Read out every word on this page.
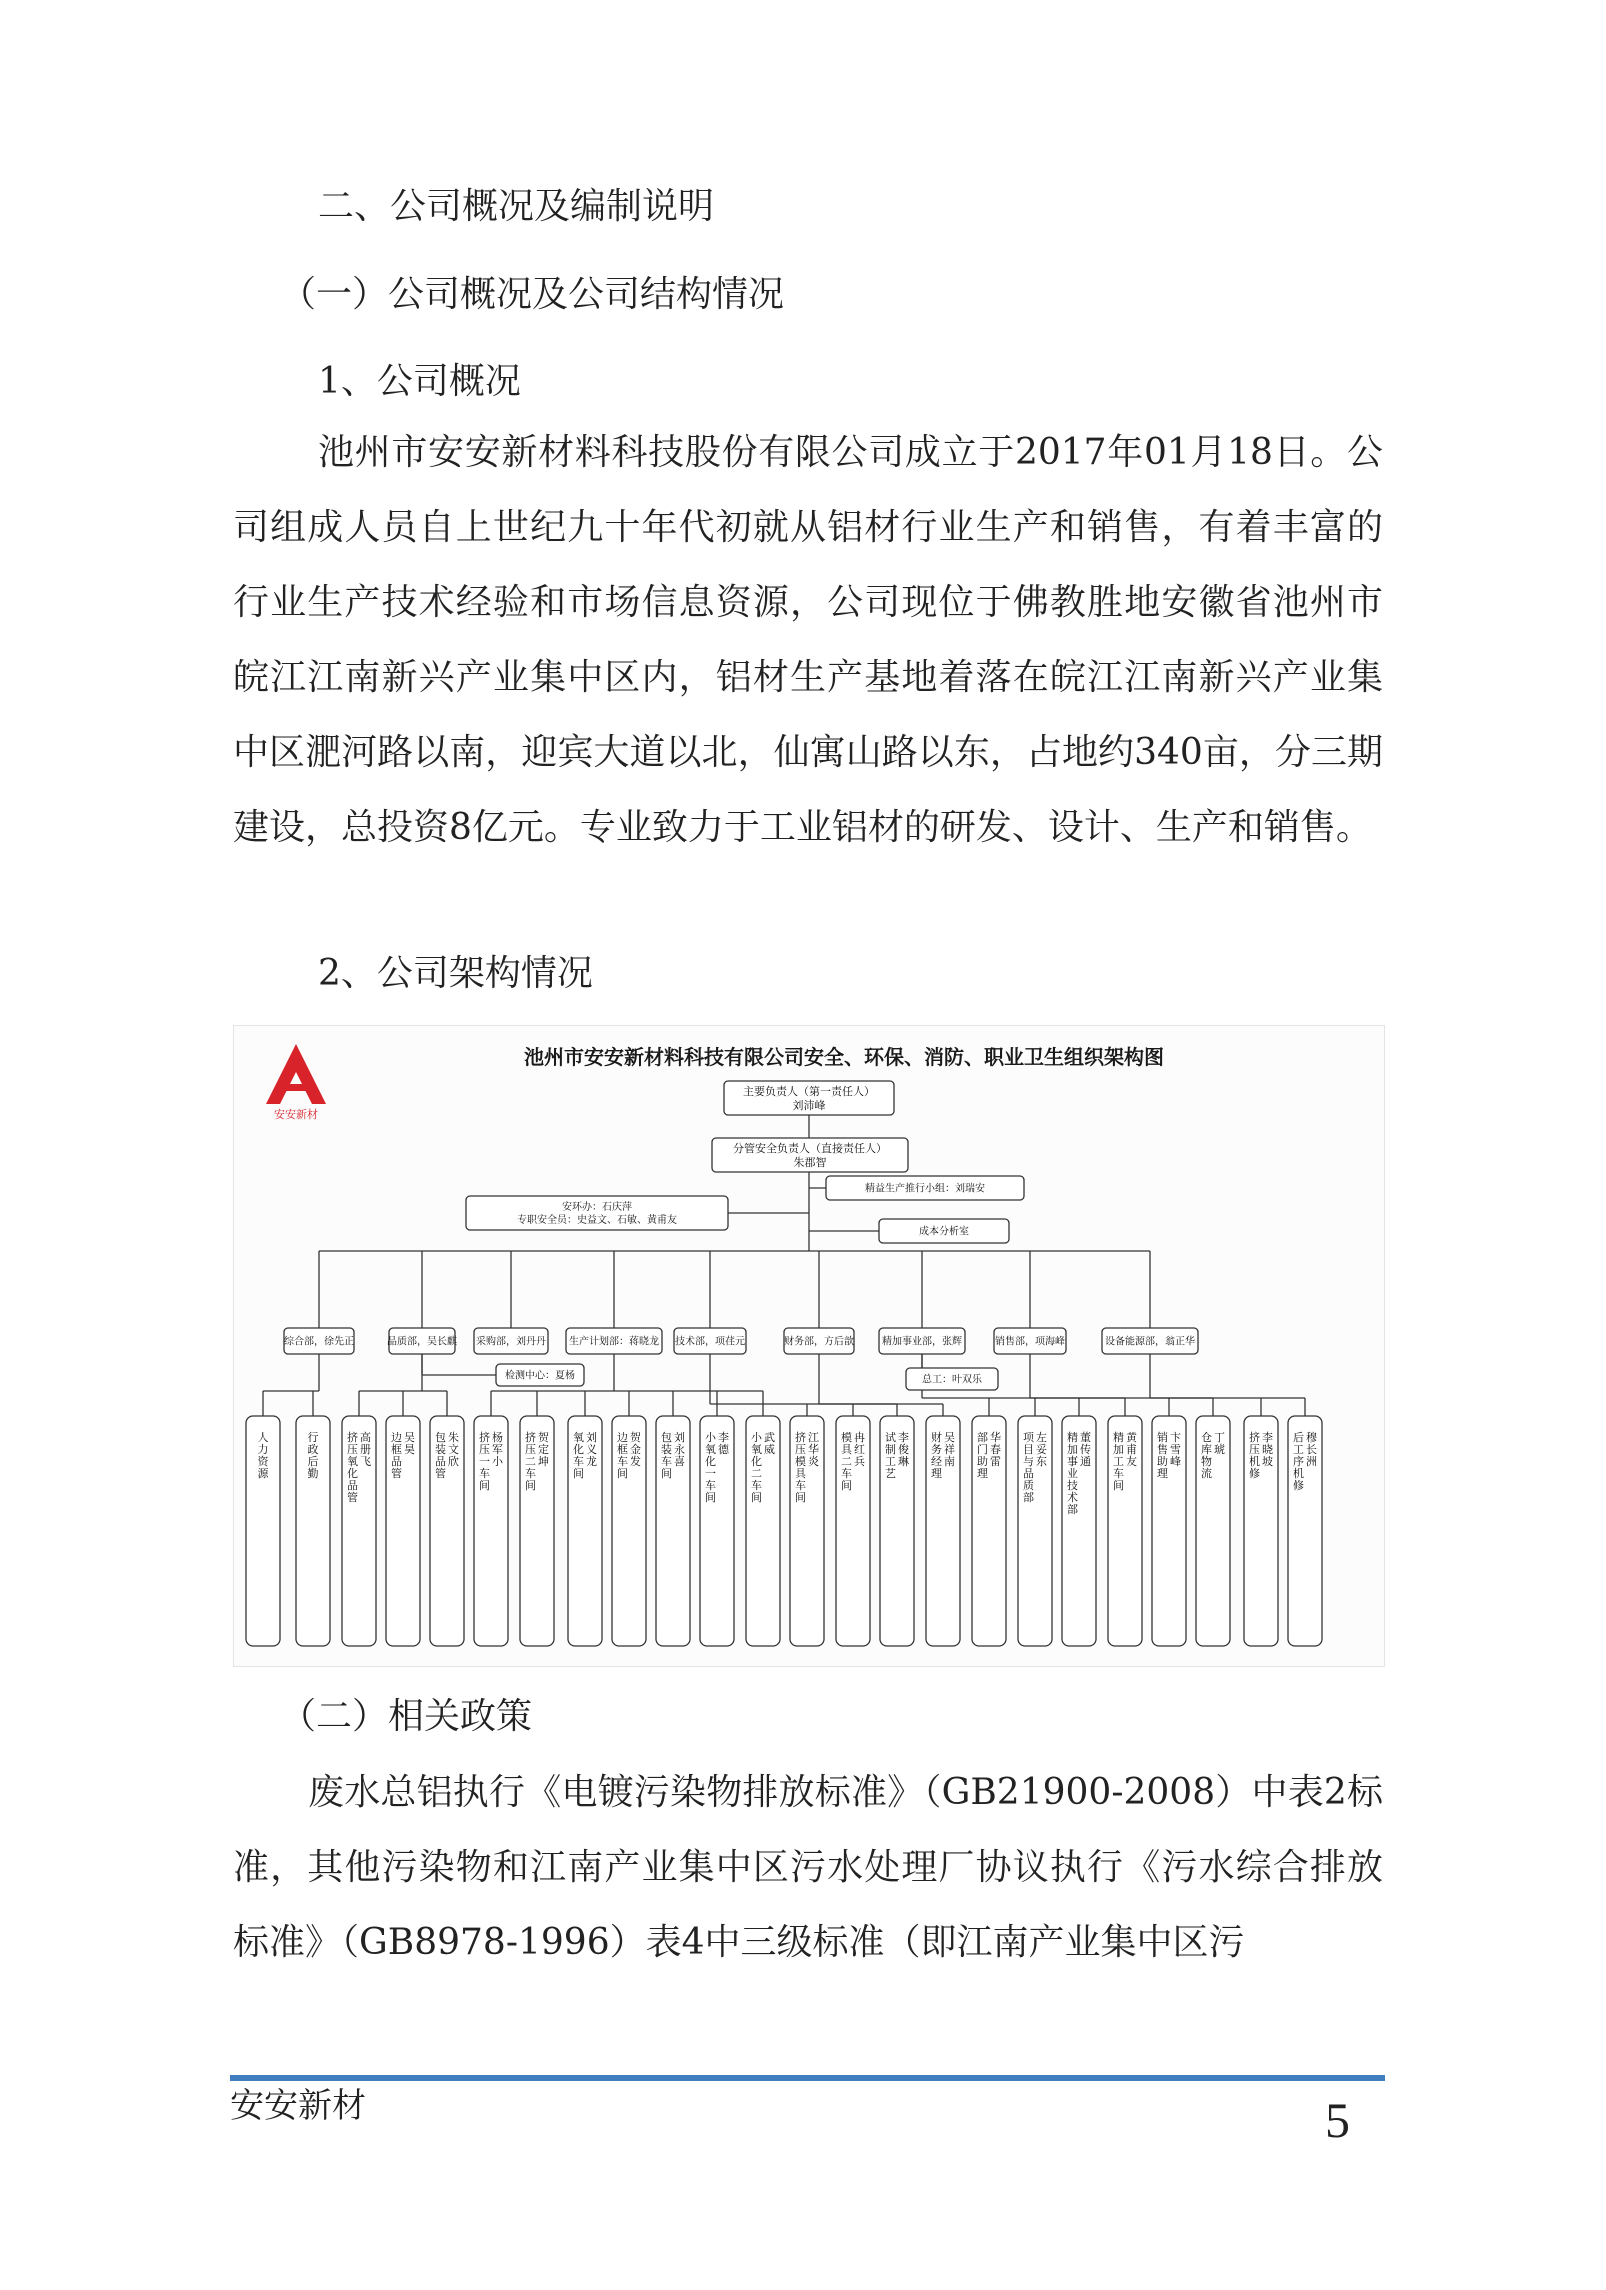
二、公司概况及编制说明
（一）公司概况及公司结构情况
1、公司概况
池州市安安新材料科技股份有限公司成立于2017年01月18日。公司组成人员自上世纪九十年代初就从铝材行业生产和销售，有着丰富的行业生产技术经验和市场信息资源，公司现位于佛教胜地安徽省池州市皖江江南新兴产业集中区内，铝材生产基地着落在皖江江南新兴产业集中区淝河路以南，迎宾大道以北，仙寓山路以东，占地约340亩，分三期建设，总投资8亿元。专业致力于工业铝材的研发、设计、生产和销售。
2、公司架构情况
安安新材
池州市安安新材料科技有限公司安全、环保、消防、职业卫生组织架构图
主要负责人（第一责任人）
刘沛峰
分管安全负责人（直接责任人）
朱郡智
安环办：石庆萍
专职安全员：史益文、石敏、黄甫友
精益生产推行小组：刘瑞安
成本分析室
综合部，徐先正	品质部，吴长麒 采购部，刘丹丹 生产计划部：蒋晓龙 技术部，项荏元	财务部，方后歆	精加事业部，张辉	销售部，项海峰	设备能源部，翁正华
检测中心：夏杨	总工：叶双乐
人
力
资
源
行
政
后
勤
挤
压
氧
化
品
管
高
册
飞
边
框
品
管
吴
昊
包
装
品
管
朱
文
欣
挤
压
一
车
间
杨
军
小
挤
压
二
车
间
贺
定
坤
氧
化
车
间
刘
义
龙
边
框
车
间
贺
金
发
包
装
车
间
刘
永
喜
小
氧
化
一
车
间
李
德
小
氧
化
二
车
间
武
威
挤
压
模
具
车
间
江
华
炎
模
具
二
车
间
冉
红
兵
试
制
工
艺
李
俊
琳
财
务
经
理
吴
祥
南
部
门
助
理
华
春
雷
项
目
与
品
质
部
左
妥
东
精
加
事
业
技
术
部
董
传
通
精
加
工
车
间
黄
甫
友
销
售
助
理
卞
雪
峰
仓
库
物
流
丁
琥
挤
压
机
修
李
晓
坡
后
工
序
机
修
穆
长
洲
（二）相关政策
废水总铝执行《电镀污染物排放标准》（GB21900-2008）中表2标准，其他污染物和江南产业集中区污水处理厂协议执行《污水综合排放标准》（GB8978-1996）表4中三级标准（即江南产业集中区污
安安新材	5
